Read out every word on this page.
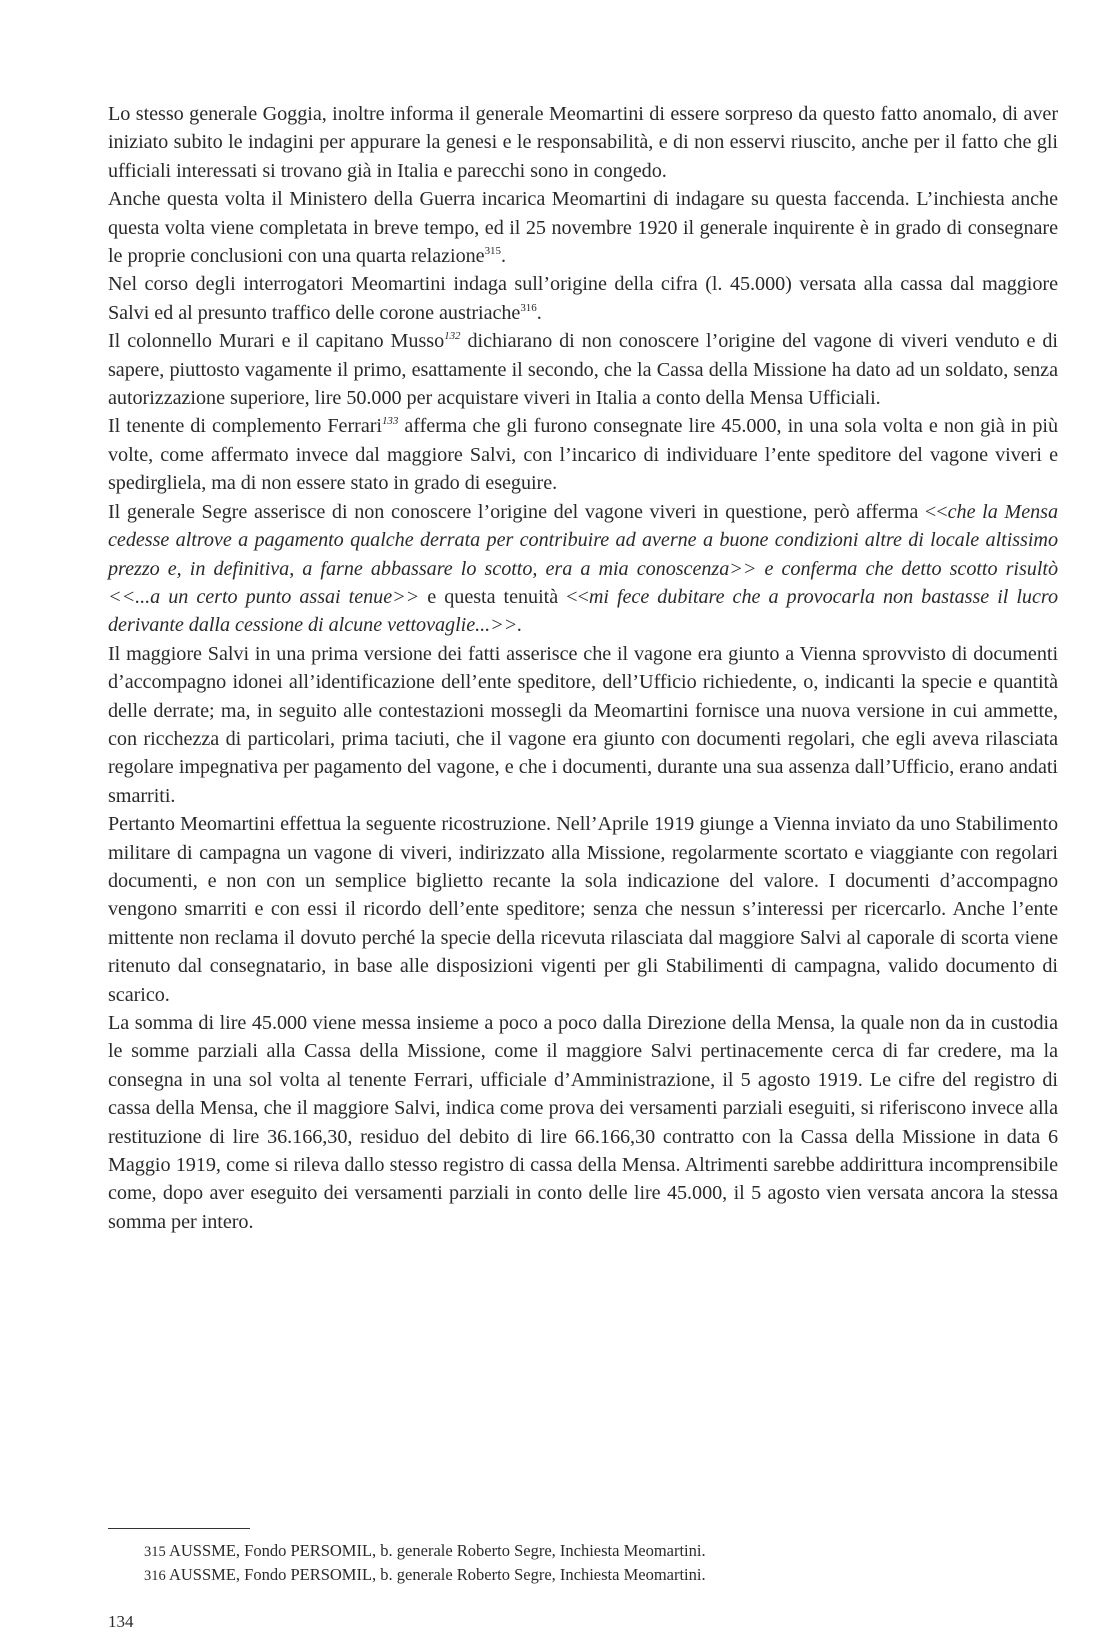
Lo stesso generale Goggia, inoltre informa il generale Meomartini di essere sorpreso da questo fatto anomalo, di aver iniziato subito le indagini per appurare la genesi e le responsabilità, e di non esservi riuscito, anche per il fatto che gli ufficiali interessati si trovano già in Italia e parecchi sono in congedo.

Anche questa volta il Ministero della Guerra incarica Meomartini di indagare su questa faccenda. L’inchiesta anche questa volta viene completata in breve tempo, ed il 25 novembre 1920 il generale inquirente è in grado di consegnare le proprie conclusioni con una quarta relazione$^{315}$.

Nel corso degli interrogatori Meomartini indaga sull’origine della cifra (l. 45.000) versata alla cassa dal maggiore Salvi ed al presunto traffico delle corone austriache$^{316}$.

Il colonnello Murari e il capitano Musso$^{132}$ dichiarano di non conoscere l’origine del vagone di viveri venduto e di sapere, piuttosto vagamente il primo, esattamente il secondo, che la Cassa della Missione ha dato ad un soldato, senza autorizzazione superiore, lire 50.000 per acquistare viveri in Italia a conto della Mensa Ufficiali.

Il tenente di complemento Ferrari$^{133}$ afferma che gli furono consegnate lire 45.000, in una sola volta e non già in più volte, come affermato invece dal maggiore Salvi, con l’incarico di individuare l’ente speditore del vagone viveri e spedirgliela, ma di non essere stato in grado di eseguire.

Il generale Segre asserisce di non conoscere l’origine del vagone viveri in questione, però afferma <<che la Mensa cedesse altrove a pagamento qualche derrata per contribuire ad averne a buone condizioni altre di locale altissimo prezzo e, in definitiva, a farne abbassare lo scotto, era a mia conoscenza>> e conferma che detto scotto risultò <<...a un certo punto assai tenue>> e questa tenuità <<mi fece dubitare che a provocarla non bastasse il lucro derivante dalla cessione di alcune vettovaglie...>>.

Il maggiore Salvi in una prima versione dei fatti asserisce che il vagone era giunto a Vienna sprovvisto di documenti d’accompagno idonei all’identificazione dell’ente speditore, dell’Ufficio richiedente, o, indicanti la specie e quantità delle derrate; ma, in seguito alle contestazioni mossegli da Meomartini fornisce una nuova versione in cui ammette, con ricchezza di particolari, prima taciuti, che il vagone era giunto con documenti regolari, che egli aveva rilasciata regolare impegnativa per pagamento del vagone, e che i documenti, durante una sua assenza dall’Ufficio, erano andati smarriti.

Pertanto Meomartini effettua la seguente ricostruzione. Nell’Aprile 1919 giunge a Vienna inviato da uno Stabilimento militare di campagna un vagone di viveri, indirizzato alla Missione, regolarmente scortato e viaggiante con regolari documenti, e non con un semplice biglietto recante la sola indicazione del valore. I documenti d’accompagno vengono smarriti e con essi il ricordo dell’ente speditore; senza che nessun s’interessi per ricercarlo. Anche l’ente mittente non reclama il dovuto perché la specie della ricevuta rilasciata dal maggiore Salvi al caporale di scorta viene ritenuto dal consegnatario, in base alle disposizioni vigenti per gli Stabilimenti di campagna, valido documento di scarico.

La somma di lire 45.000 viene messa insieme a poco a poco dalla Direzione della Mensa, la quale non da in custodia le somme parziali alla Cassa della Missione, come il maggiore Salvi pertinacemente cerca di far credere, ma la consegna in una sol volta al tenente Ferrari, ufficiale d’Amministrazione, il 5 agosto 1919. Le cifre del registro di cassa della Mensa, che il maggiore Salvi, indica come prova dei versamenti parziali eseguiti, si riferiscono invece alla restituzione di lire 36.166,30, residuo del debito di lire 66.166,30 contratto con la Cassa della Missione in data 6 Maggio 1919, come si rileva dallo stesso registro di cassa della Mensa. Altrimenti sarebbe addirittura incomprensibile come, dopo aver eseguito dei versamenti parziali in conto delle lire 45.000, il 5 agosto vien versata ancora la stessa somma per intero.

315 AUSSME, Fondo PERSOMIL, b. generale Roberto Segre, Inchiesta Meomartini.

316 AUSSME, Fondo PERSOMIL, b. generale Roberto Segre, Inchiesta Meomartini.

134
